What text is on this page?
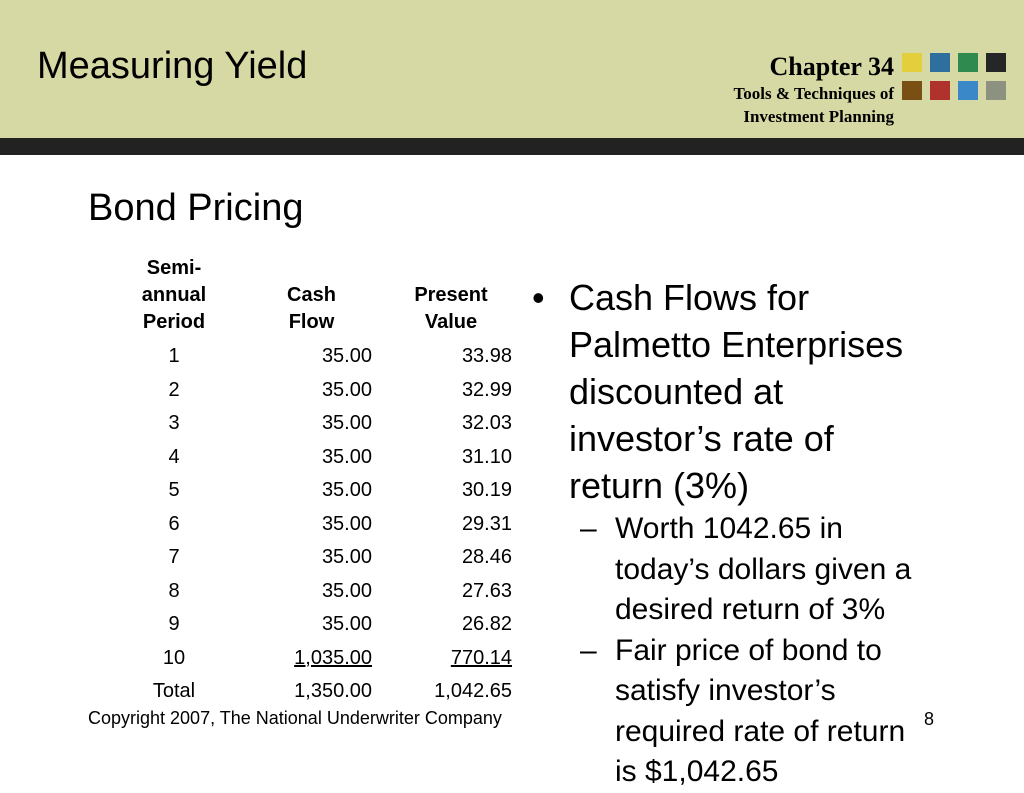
Measuring Yield	Chapter 34
Tools & Techniques of
Investment Planning
Bond Pricing
Semi-
annual
Period	Cash
Flow	Present
Value
1	35.00	33.98
2	35.00	32.99
3	35.00	32.03
4	35.00	31.10
5	35.00	30.19
6	35.00	29.31
7	35.00	28.46
8	35.00	27.63
9	35.00	26.82
10	1,035.00	770.14
Total	1,350.00	1,042.65
• Cash Flows for
Palmetto Enterprises
discounted at
investor’s rate of
return (3%)
– Worth 1042.65 in
today’s dollars given a
desired return of 3%
– Fair price of bond to
satisfy investor’s
required rate of return
is $1,042.65
Copyright 2007, The National Underwriter Company	8
